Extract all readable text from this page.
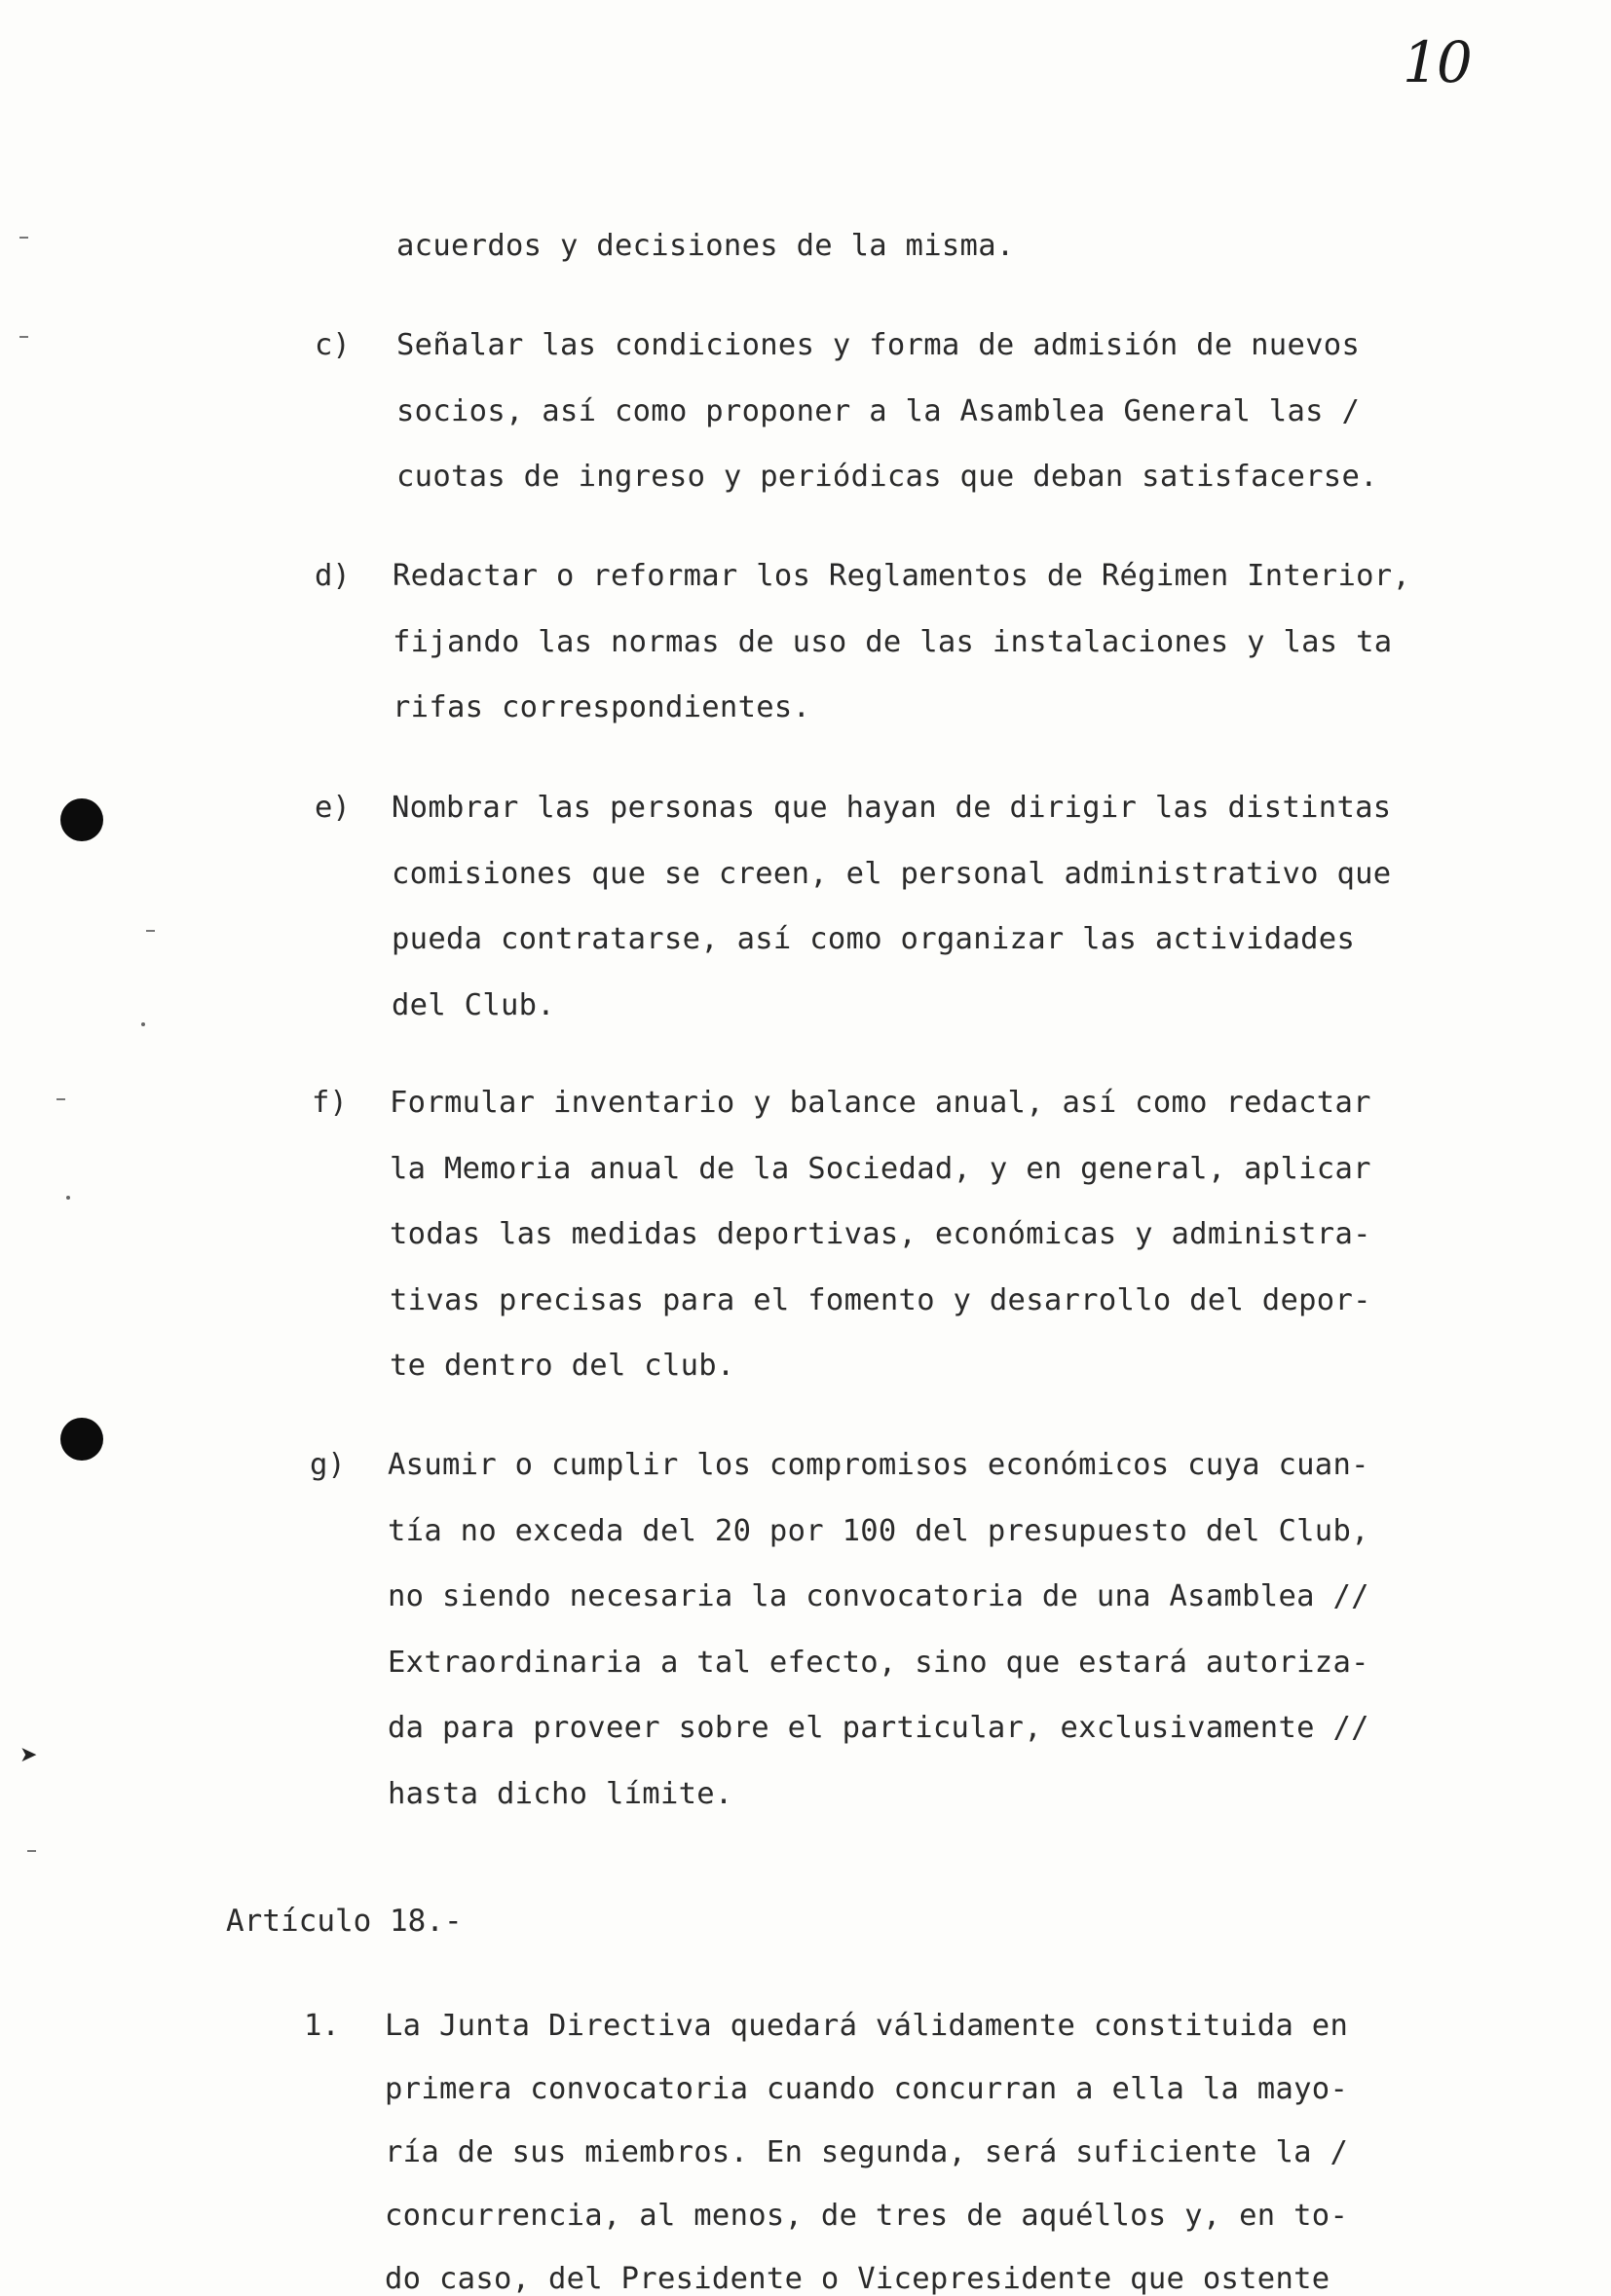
10
➤
acuerdos y decisiones de la misma.
c) Señalar las condiciones y forma de admisión de nuevos
socios, así como proponer a la Asamblea General las /
cuotas de ingreso y periódicas que deban satisfacerse.
d) Redactar o reformar los Reglamentos de Régimen Interior,
fijando las normas de uso de las instalaciones y las ta
rifas correspondientes.
e) Nombrar las personas que hayan de dirigir las distintas
comisiones que se creen, el personal administrativo que
pueda contratarse, así como organizar las actividades
del Club.
f) Formular inventario y balance anual, así como redactar
la Memoria anual de la Sociedad, y en general, aplicar
todas las medidas deportivas, económicas y administra-
tivas precisas para el fomento y desarrollo del depor-
te dentro del club.
g) Asumir o cumplir los compromisos económicos cuya cuan-
tía no exceda del 20 por 100 del presupuesto del Club,
no siendo necesaria la convocatoria de una Asamblea //
Extraordinaria a tal efecto, sino que estará autoriza-
da para proveer sobre el particular, exclusivamente //
hasta dicho límite.
Artículo 18.-
1. La Junta Directiva quedará válidamente constituida en
primera convocatoria cuando concurran a ella la mayo-
ría de sus miembros. En segunda, será suficiente la /
concurrencia, al menos, de tres de aquéllos y, en to-
do caso, del Presidente o Vicepresidente que ostente
